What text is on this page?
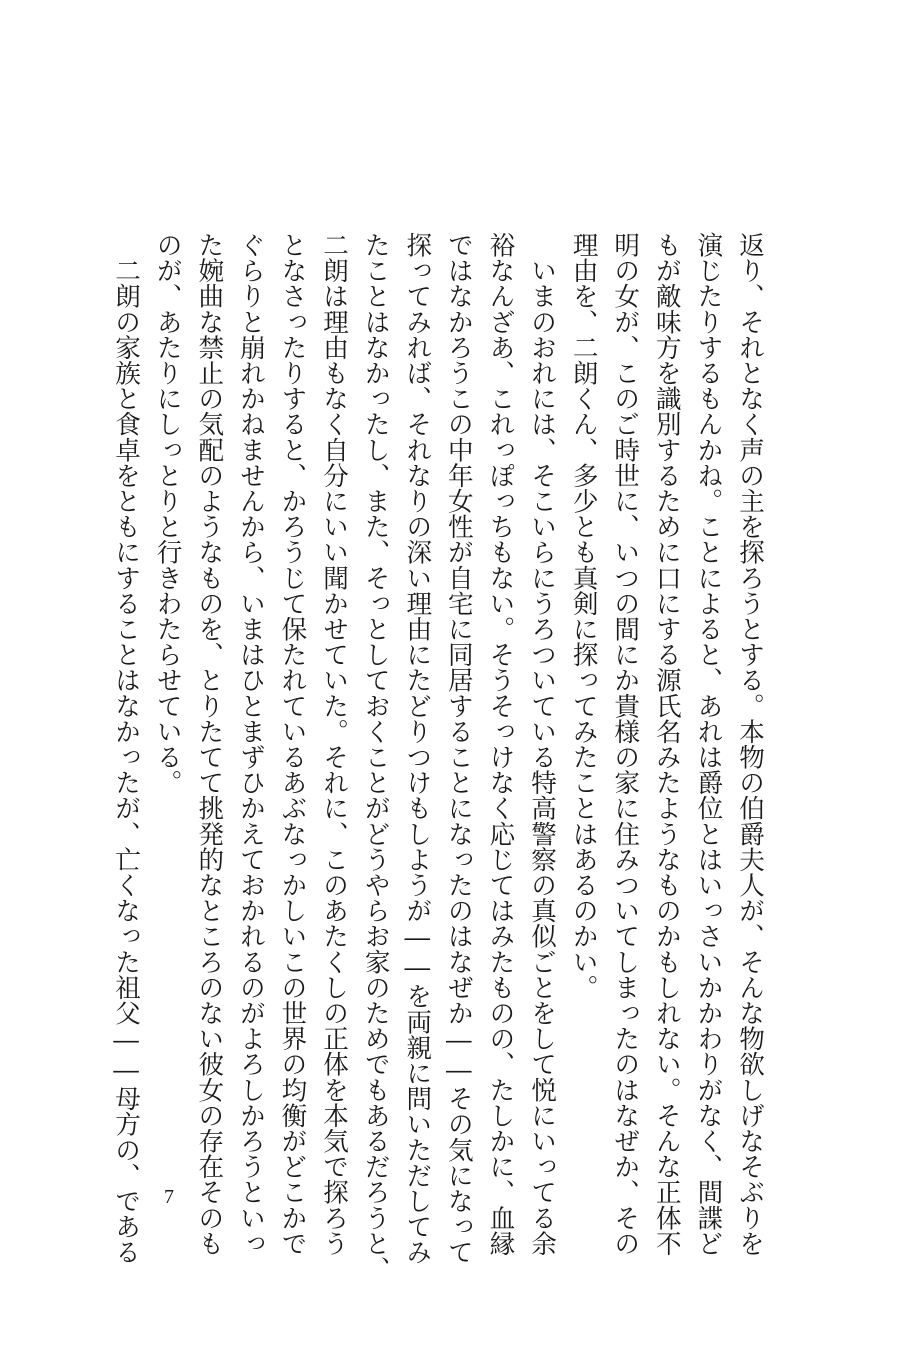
返り、それとなく声の主を探ろうとする。本物の伯爵夫人が、そんな物欲しげなそぶりを
演じたりするもんかね。ことによると、あれは爵位とはいっさいかかわりがなく、間諜ど
もが敵味方を識別するために口にする源氏名みたようなものかもしれない。そんな正体不
明の女が、このご時世に、いつの間にか貴様の家に住みついてしまったのはなぜか、その
理由を、二朗くん、多少とも真剣に探ってみたことはあるのかい。
　いまのおれには、そこいらにうろついている特高警察の真似ごとをして悦にいってる余
裕なんざあ、これっぽっちもない。そうそっけなく応じてはみたものの、たしかに、血縁
ではなかろうこの中年女性が自宅に同居することになったのはなぜか――その気になって
探ってみれば、それなりの深い理由にたどりつけもしようが――を両親に問いただしてみ
たことはなかったし、また、そっとしておくことがどうやらお家のためでもあるだろうと、
二朗は理由もなく自分にいい聞かせていた。それに、このあたくしの正体を本気で探ろう
となさったりすると、かろうじて保たれているあぶなっかしいこの世界の均衡がどこかで
ぐらりと崩れかねませんから、いまはひとまずひかえておかれるのがよろしかろうといっ
た婉曲な禁止の気配のようなものを、とりたてて挑発的なところのない彼女の存在そのも
のが、あたりにしっとりと行きわたらせている。
　二朗の家族と食卓をともにすることはなかったが、亡くなった祖父――母方の、である	7
